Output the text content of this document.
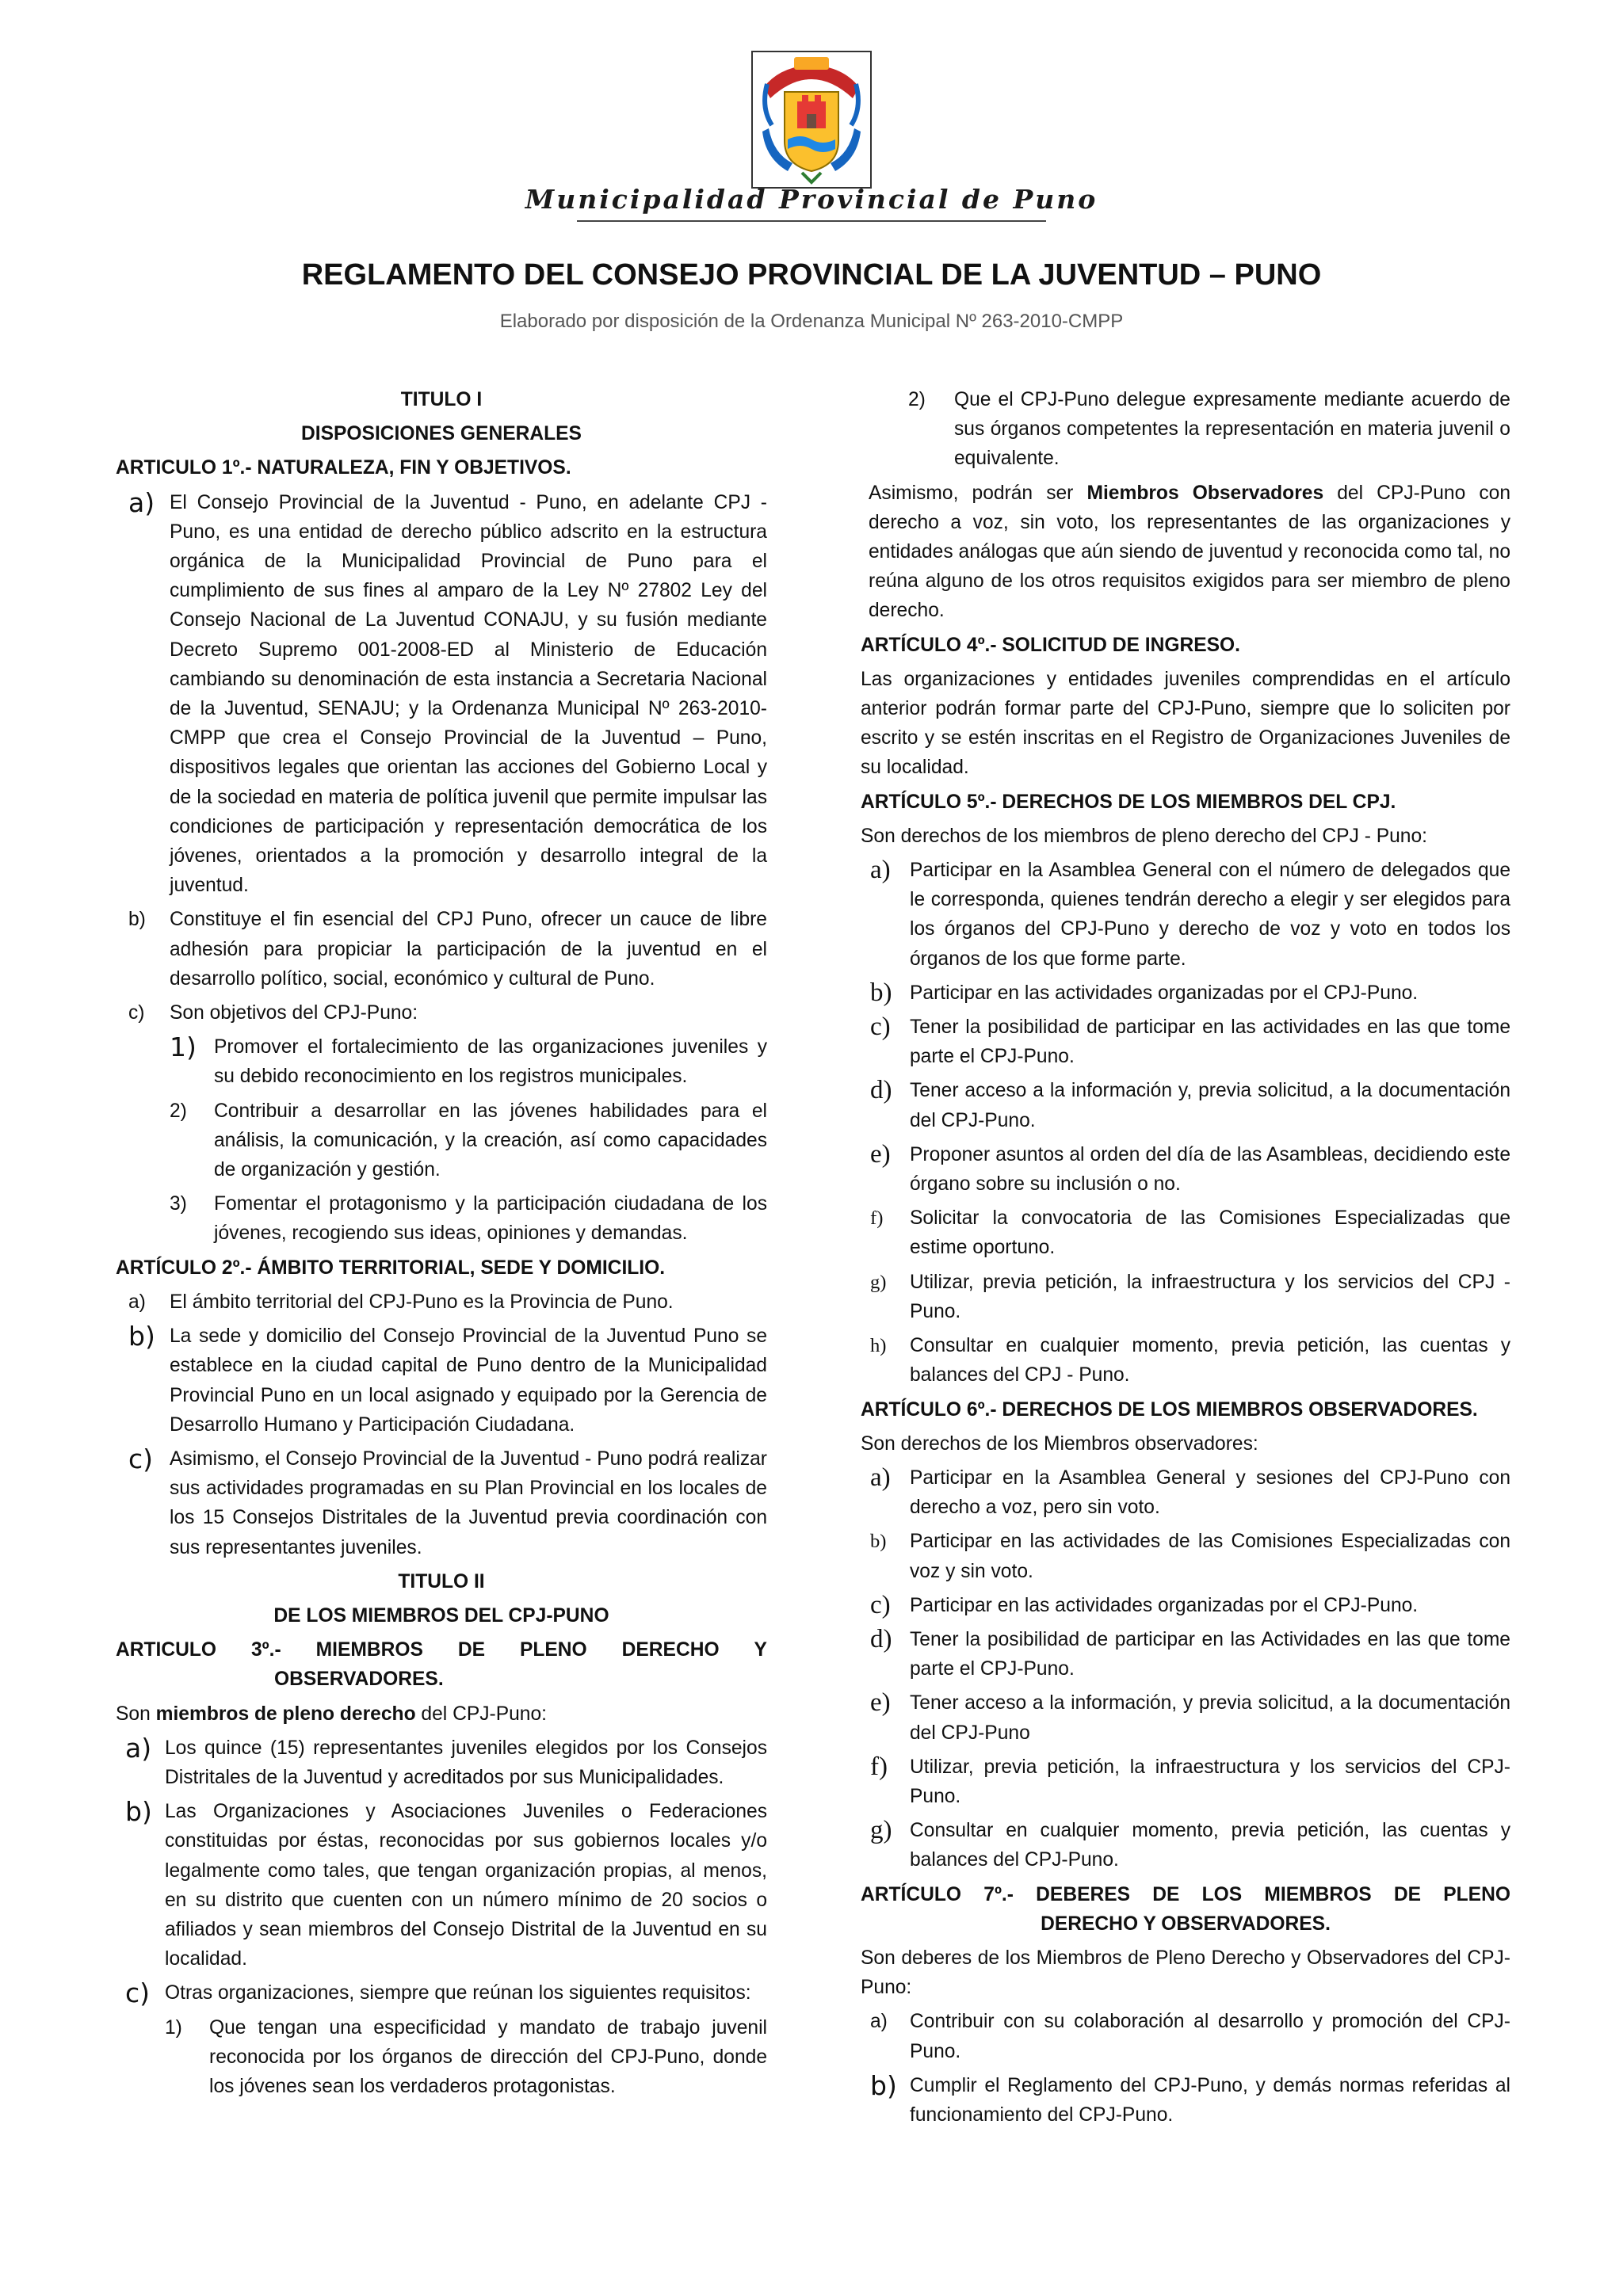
Municipalidad Provincial de Puno
REGLAMENTO DEL CONSEJO PROVINCIAL DE LA JUVENTUD – PUNO
Elaborado por disposición de la Ordenanza Municipal Nº 263-2010-CMPP

TITULO I

DISPOSICIONES GENERALES

ARTICULO 1º.- NATURALEZA, FIN Y OBJETIVOS.

a) El Consejo Provincial de la Juventud - Puno, en adelante CPJ - Puno, es una entidad de derecho público adscrito en la estructura orgánica de la Municipalidad Provincial de Puno para el cumplimiento de sus fines al amparo de la Ley Nº 27802 Ley del Consejo Nacional de La Juventud CONAJU, y su fusión mediante Decreto Supremo 001-2008-ED al Ministerio de Educación cambiando su denominación de esta instancia a Secretaria Nacional de la Juventud, SENAJU; y la Ordenanza Municipal Nº 263-2010-CMPP que crea el Consejo Provincial de la Juventud – Puno, dispositivos legales que orientan las acciones del Gobierno Local y de la sociedad en materia de política juvenil que permite impulsar las condiciones de participación y representación democrática de los jóvenes, orientados a la promoción y desarrollo integral de la juventud.
b)	Constituye el fin esencial del CPJ Puno, ofrecer un cauce de libre adhesión para propiciar la participación de la juventud en el desarrollo político, social, económico y cultural de Puno.
c)	Son objetivos del CPJ-Puno:
1) Promover el fortalecimiento de las organizaciones juveniles y su debido reconocimiento en los registros municipales.
2)	Contribuir a desarrollar en las jóvenes habilidades para el análisis, la comunicación, y la creación, así como capacidades de organización y gestión.
3)	Fomentar el protagonismo y la participación ciudadana de los jóvenes, recogiendo sus ideas, opiniones y demandas.

ARTÍCULO 2º.- ÁMBITO TERRITORIAL, SEDE Y DOMICILIO.

a)	El ámbito territorial del CPJ-Puno es la Provincia de Puno.
b) La sede y domicilio del Consejo Provincial de la Juventud Puno se establece en la ciudad capital de Puno dentro de la Municipalidad Provincial Puno en un local asignado y equipado por la Gerencia de Desarrollo Humano y Participación Ciudadana.
c) Asimismo, el Consejo Provincial de la Juventud - Puno podrá realizar sus actividades programadas en su Plan Provincial en los locales de los 15 Consejos Distritales de la Juventud previa coordinación con sus representantes juveniles.

TITULO II

DE LOS MIEMBROS DEL CPJ-PUNO

ARTICULO 3º.- MIEMBROS DE PLENO DERECHO Y
OBSERVADORES.

Son miembros de pleno derecho del CPJ-Puno:

a) Los quince (15) representantes juveniles elegidos por los Consejos Distritales de la Juventud y acreditados por sus Municipalidades.
b) Las Organizaciones y Asociaciones Juveniles o Federaciones constituidas por éstas, reconocidas por sus gobiernos locales y/o legalmente como tales, que tengan organización propias, al menos, en su distrito que cuenten con un número mínimo de 20 socios o afiliados y sean miembros del Consejo Distrital de la Juventud en su localidad.
c) Otras organizaciones, siempre que reúnan los siguientes requisitos:
1)	Que tengan una especificidad y mandato de trabajo juvenil reconocida por los órganos de dirección del CPJ-Puno, donde los jóvenes sean los verdaderos protagonistas.
2)	Que el CPJ-Puno delegue expresamente mediante acuerdo de sus órganos competentes la representación en materia juvenil o equivalente.

Asimismo, podrán ser Miembros Observadores del CPJ-Puno con derecho a voz, sin voto, los representantes de las organizaciones y entidades análogas que aún siendo de juventud y reconocida como tal, no reúna alguno de los otros requisitos exigidos para ser miembro de pleno derecho.

ARTÍCULO 4º.- SOLICITUD DE INGRESO.

Las organizaciones y entidades juveniles comprendidas en el artículo anterior podrán formar parte del CPJ-Puno, siempre que lo soliciten por escrito y se estén inscritas en el Registro de Organizaciones Juveniles de su localidad.

ARTÍCULO 5º.- DERECHOS DE LOS MIEMBROS DEL CPJ.

Son derechos de los miembros de pleno derecho del CPJ - Puno:

a) Participar en la Asamblea General con el número de delegados que le corresponda, quienes tendrán derecho a elegir y ser elegidos para los órganos del CPJ-Puno y derecho de voz y voto en todos los órganos de los que forme parte.
b) Participar en las actividades organizadas por el CPJ-Puno.
c) Tener la posibilidad de participar en las actividades en las que tome parte el CPJ-Puno.
d) Tener acceso a la información y, previa solicitud, a la documentación del CPJ-Puno.
e) Proponer asuntos al orden del día de las Asambleas, decidiendo este órgano sobre su inclusión o no.
f)	Solicitar la convocatoria de las Comisiones Especializadas que estime oportuno.
g)	Utilizar, previa petición, la infraestructura y los servicios del CPJ - Puno.
h)	Consultar en cualquier momento, previa petición, las cuentas y balances del CPJ - Puno.

ARTÍCULO 6º.- DERECHOS DE LOS MIEMBROS OBSERVADORES.

Son derechos de los Miembros observadores:

a) Participar en la Asamblea General y sesiones del CPJ-Puno con derecho a voz, pero sin voto.
b)	Participar en las actividades de las Comisiones Especializadas con voz y sin voto.
c) Participar en las actividades organizadas por el CPJ-Puno.
d) Tener la posibilidad de participar en las Actividades en las que tome parte el CPJ-Puno.
e) Tener acceso a la información, y previa solicitud, a la documentación del CPJ-Puno
f)	Utilizar, previa petición, la infraestructura y los servicios del CPJ-Puno.
g) Consultar en cualquier momento, previa petición, las cuentas y balances del CPJ-Puno.
ARTÍCULO 7º.- DEBERES DE LOS MIEMBROS DE PLENO
DERECHO Y OBSERVADORES.

Son deberes de los Miembros de Pleno Derecho y Observadores del CPJ-Puno:

a)	Contribuir con su colaboración al desarrollo y promoción del CPJ-Puno.
b) Cumplir el Reglamento del CPJ-Puno, y demás normas referidas al funcionamiento del CPJ-Puno.
